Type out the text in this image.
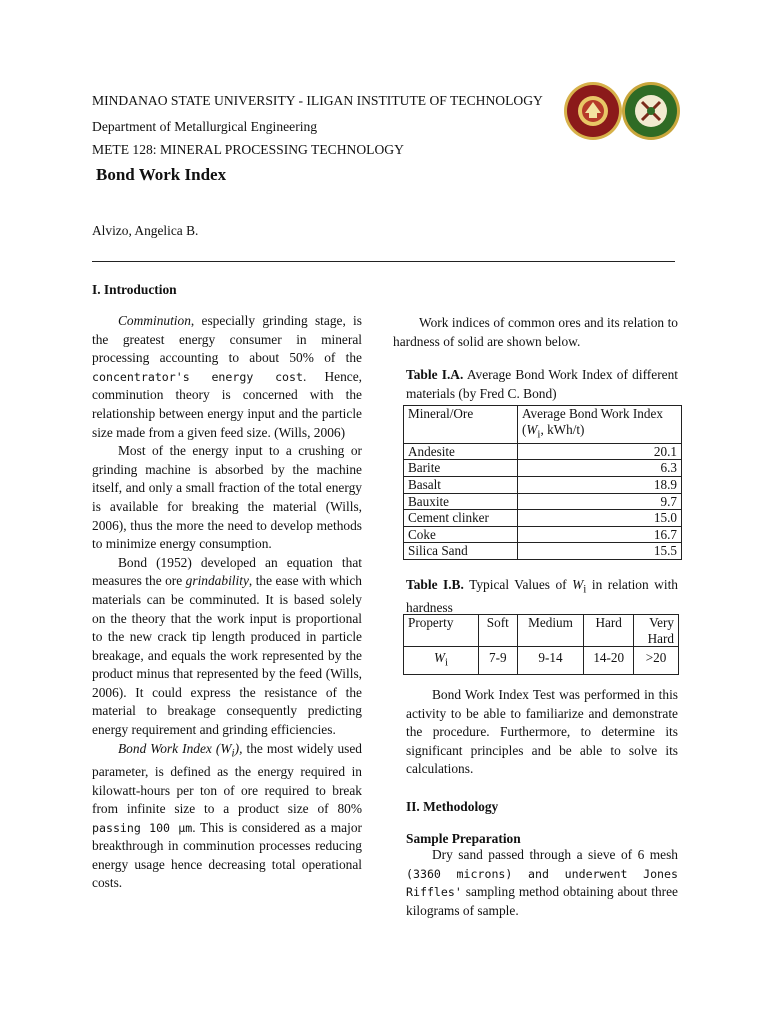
MINDANAO STATE UNIVERSITY - ILIGAN INSTITUTE OF TECHNOLOGY
Department of Metallurgical Engineering
METE 128: MINERAL PROCESSING TECHNOLOGY
Bond Work Index
Alvizo, Angelica B.
I. Introduction

Comminution, especially grinding stage, is the greatest energy consumer in mineral processing accounting to about 50% of the concentrator's energy cost. Hence, comminution theory is concerned with the relationship between energy input and the particle size made from a given feed size. (Wills, 2006)

Most of the energy input to a crushing or grinding machine is absorbed by the machine itself, and only a small fraction of the total energy is available for breaking the material (Wills, 2006), thus the more the need to develop methods to minimize energy consumption.

Bond (1952) developed an equation that measures the ore grindability, the ease with which materials can be comminuted. It is based solely on the theory that the work input is proportional to the new crack tip length produced in particle breakage, and equals the work represented by the product minus that represented by the feed (Wills, 2006). It could express the resistance of the material to breakage consequently predicting energy requirement and grinding efficiencies.

Bond Work Index $(W_i)$, the most widely used parameter, is defined as the energy required in kilowatt-hours per ton of ore required to break from infinite size to a product size of 80% passing 100 μm. This is considered as a major breakthrough in comminution processes reducing energy usage hence decreasing total operational costs.

Work indices of common ores and its relation to hardness of solid are shown below.

Table I.A. Average Bond Work Index of different materials (by Fred C. Bond)
Mineral/Ore	Average Bond Work Index ($W_i$, kWh/t)
Andesite	20.1
Barite	6.3
Basalt	18.9
Bauxite	9.7
Cement clinker	15.0
Coke	16.7
Silica Sand	15.5
Table I.B. Typical Values of $W_i$ in relation with hardness
Property	Soft	Medium	Hard	Very Hard
$W_i$	7-9	9-14	14-20	>20

Bond Work Index Test was performed in this activity to be able to familiarize and demonstrate the procedure. Furthermore, to determine its significant principles and be able to solve its calculations.

II. Methodology
Sample Preparation

Dry sand passed through a sieve of 6 mesh (3360 microns) and underwent Jones Riffles' sampling method obtaining about three kilograms of sample.
